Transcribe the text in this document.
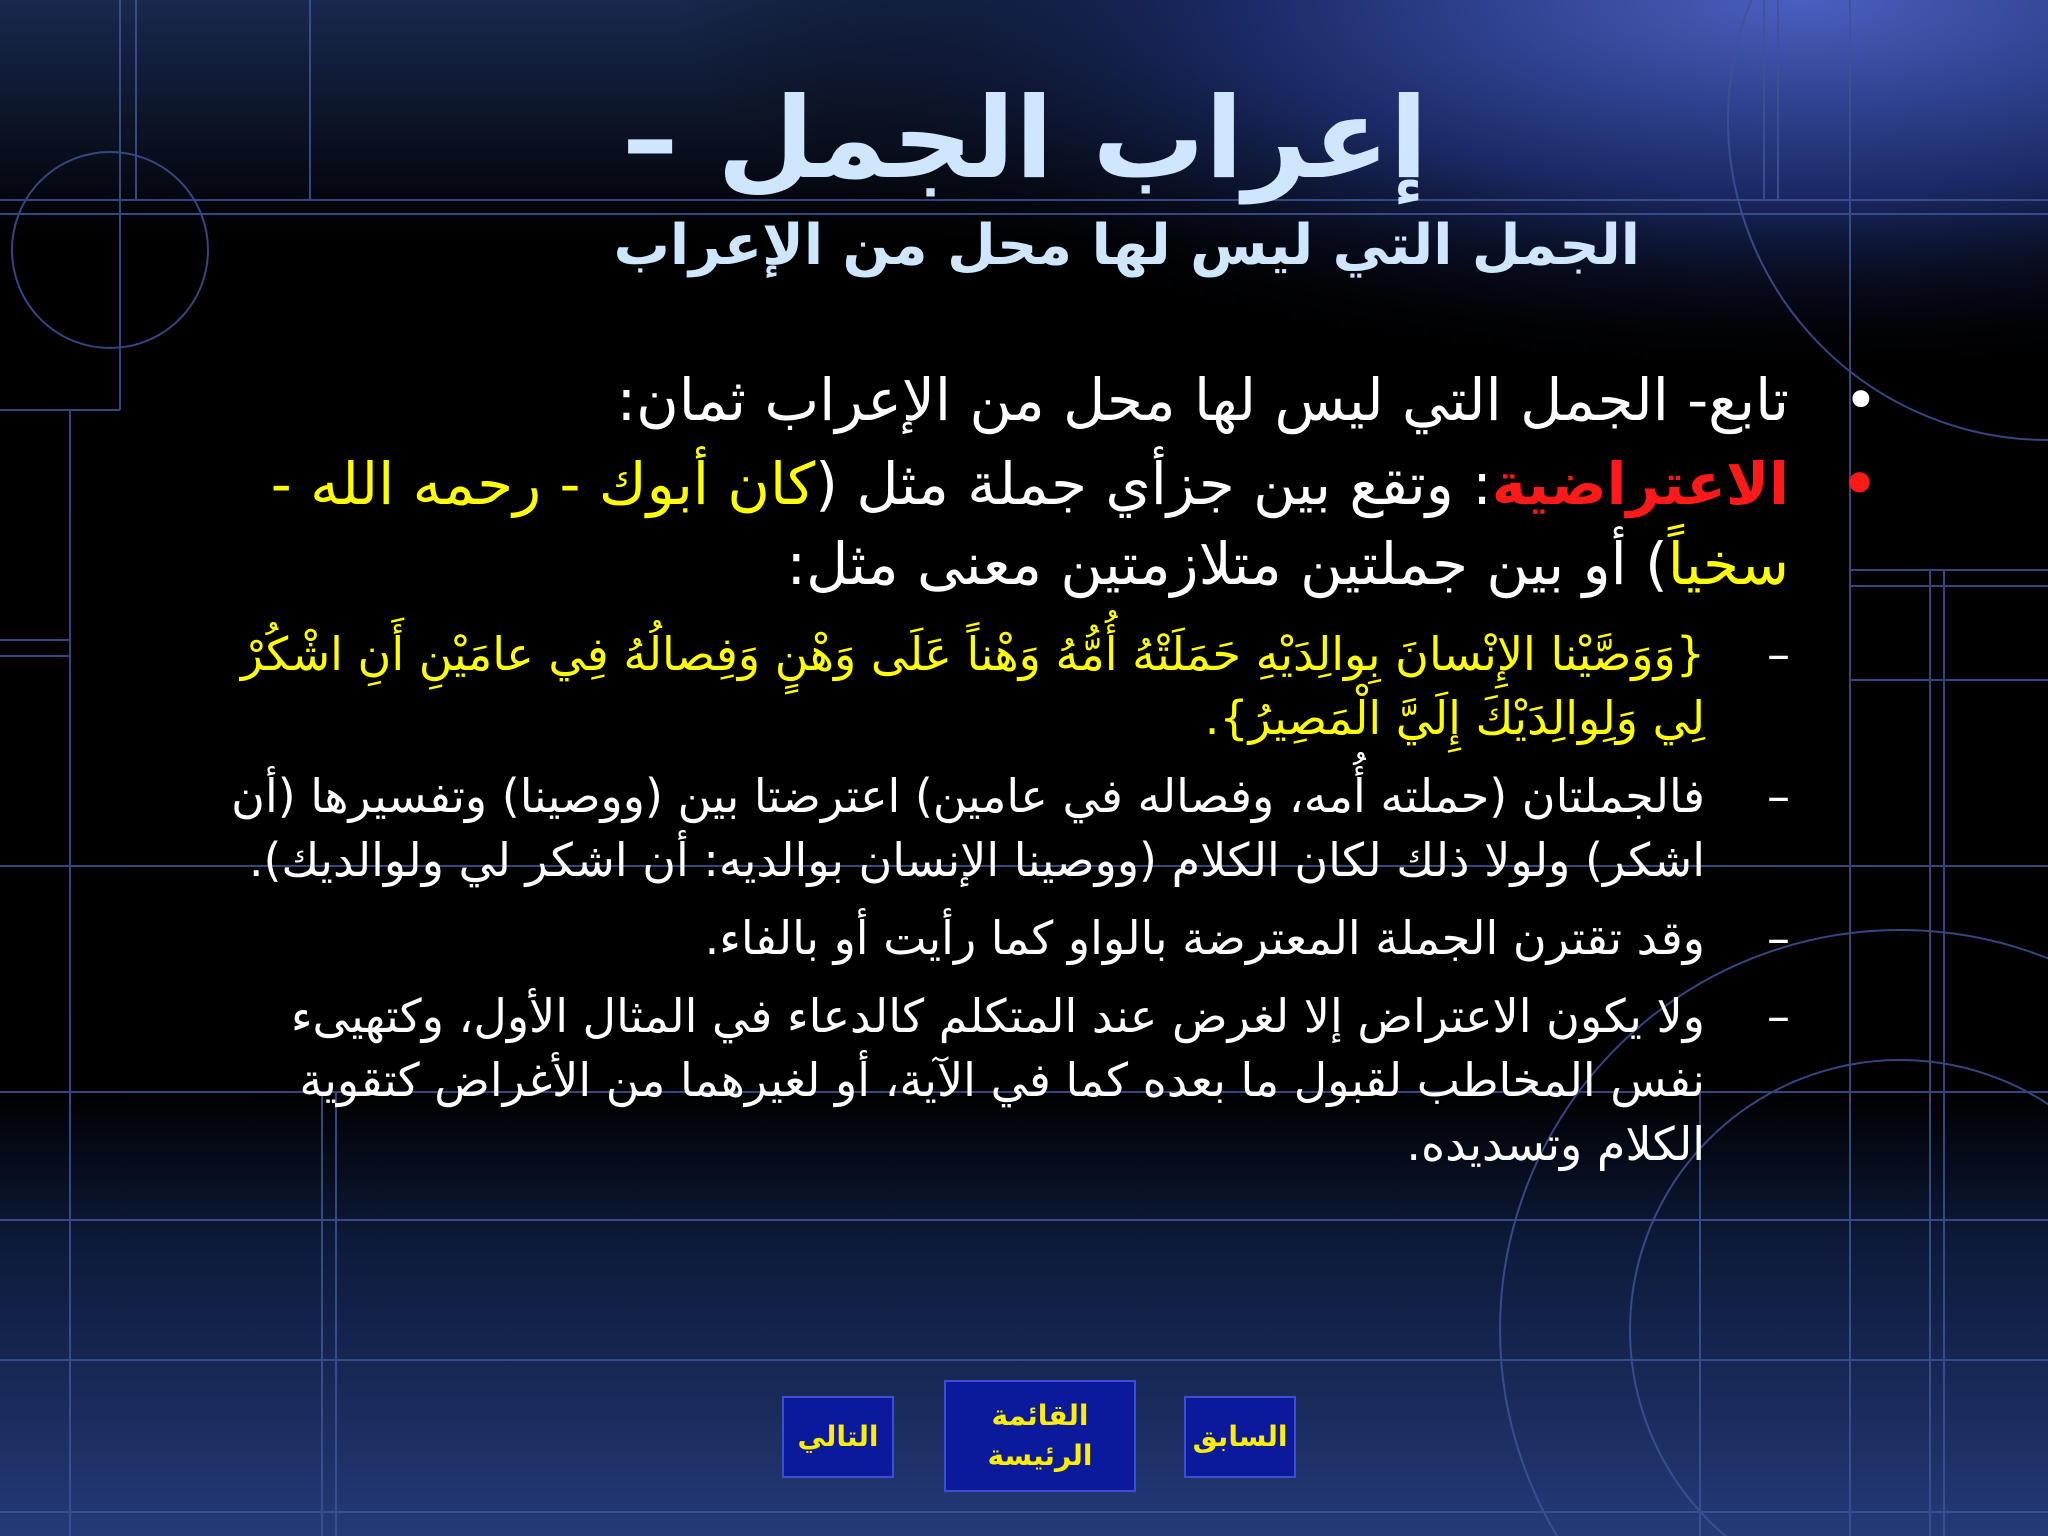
إعراب الجمل –
الجمل التي ليس لها محل من الإعراب
•
تابع- الجمل التي ليس لها محل من الإعراب ثمان:
•
الاعتراضية: وتقع بين جزأي جملة مثل (كان أبوك - رحمه الله - سخياً) أو بين جملتين متلازمتين معنى مثل:
–
{وَوَصَّيْنا الإِنْسانَ بِوالِدَيْهِ حَمَلَتْهُ أُمُّهُ وَهْناً عَلَى وَهْنٍ وَفِصالُهُ فِي عامَيْنِ أَنِ اشْكُرْ لِي وَلِوالِدَيْكَ إِلَيَّ الْمَصِيرُ}.
–
فالجملتان (حملته أُمه، وفصاله في عامين) اعترضتا بين (ووصينا) وتفسيرها (أن اشكر) ولولا ذلك لكان الكلام (ووصينا الإنسان بوالديه: أن اشكر لي ولوالديك).
–
وقد تقترن الجملة المعترضة بالواو كما رأيت أو بالفاء.
–
ولا يكون الاعتراض إلا لغرض عند المتكلم كالدعاء في المثال الأول، وكتهيىء نفس المخاطب لقبول ما بعده كما في الآية، أو لغيرهما من الأغراض كتقوية الكلام وتسديده.
التالي
القائمة
الرئيسة
السابق
